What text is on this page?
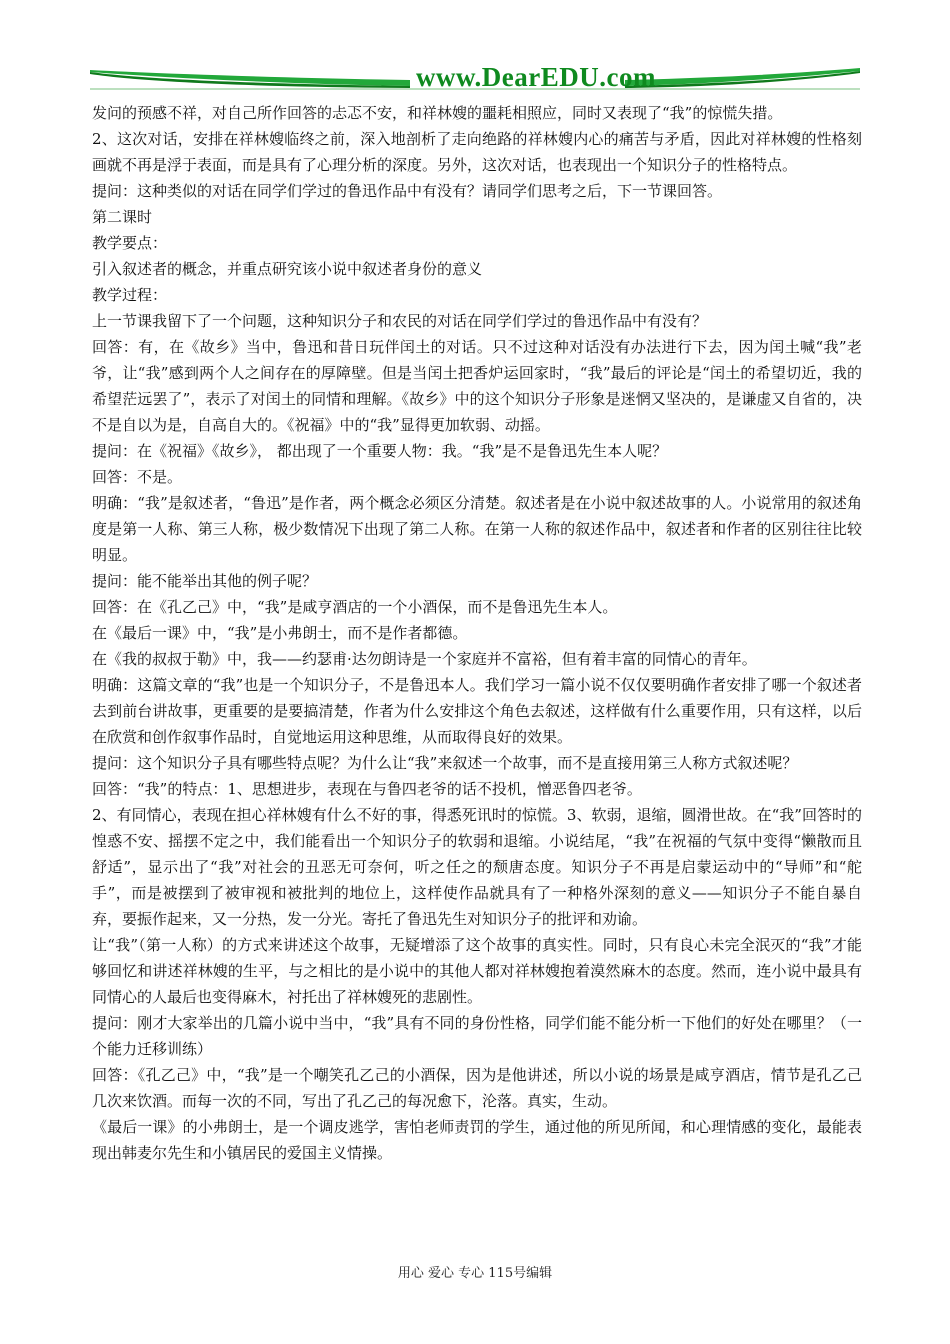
www.DearEDU.com

发问的预感不祥，对自己所作回答的忐忑不安，和祥林嫂的噩耗相照应，同时又表现了“我”的惊慌失措。

2、这次对话，安排在祥林嫂临终之前，深入地剖析了走向绝路的祥林嫂内心的痛苦与矛盾，因此对祥林嫂的性格刻画就不再是浮于表面，而是具有了心理分析的深度。另外，这次对话，也表现出一个知识分子的性格特点。

提问：这种类似的对话在同学们学过的鲁迅作品中有没有？请同学们思考之后，下一节课回答。

第二课时

教学要点：

引入叙述者的概念，并重点研究该小说中叙述者身份的意义

教学过程：

上一节课我留下了一个问题，这种知识分子和农民的对话在同学们学过的鲁迅作品中有没有？

回答：有，在《故乡》当中，鲁迅和昔日玩伴闰土的对话。只不过这种对话没有办法进行下去，因为闰土喊“我”老爷，让“我”感到两个人之间存在的厚障壁。但是当闰土把香炉运回家时，“我”最后的评论是“闰土的希望切近，我的希望茫远罢了”，表示了对闰土的同情和理解。《故乡》中的这个知识分子形象是迷惘又坚决的，是谦虚又自省的，决不是自以为是，自高自大的。《祝福》中的“我”显得更加软弱、动摇。

提问：在《祝福》《故乡》， 都出现了一个重要人物：我。“我”是不是鲁迅先生本人呢？

回答：不是。

明确：“我”是叙述者，“鲁迅”是作者，两个概念必须区分清楚。叙述者是在小说中叙述故事的人。小说常用的叙述角度是第一人称、第三人称，极少数情况下出现了第二人称。在第一人称的叙述作品中，叙述者和作者的区别往往比较明显。

提问：能不能举出其他的例子呢？

回答：在《孔乙己》中，“我”是咸亨酒店的一个小酒保，而不是鲁迅先生本人。

在《最后一课》中，“我”是小弗朗士，而不是作者都德。

在《我的叔叔于勒》中，我——约瑟甫·达勿朗诗是一个家庭并不富裕，但有着丰富的同情心的青年。

明确：这篇文章的“我”也是一个知识分子，不是鲁迅本人。我们学习一篇小说不仅仅要明确作者安排了哪一个叙述者去到前台讲故事，更重要的是要搞清楚，作者为什么安排这个角色去叙述，这样做有什么重要作用，只有这样，以后在欣赏和创作叙事作品时，自觉地运用这种思维，从而取得良好的效果。

提问：这个知识分子具有哪些特点呢？为什么让“我”来叙述一个故事，而不是直接用第三人称方式叙述呢？

回答：“我”的特点：1、思想进步，表现在与鲁四老爷的话不投机，憎恶鲁四老爷。

2、有同情心，表现在担心祥林嫂有什么不好的事，得悉死讯时的惊慌。3、软弱，退缩，圆滑世故。在“我”回答时的惶惑不安、摇摆不定之中，我们能看出一个知识分子的软弱和退缩。小说结尾，“我”在祝福的气氛中变得“懒散而且舒适”，显示出了“我”对社会的丑恶无可奈何，听之任之的颓唐态度。知识分子不再是启蒙运动中的“导师”和“舵手”，而是被摆到了被审视和被批判的地位上，这样使作品就具有了一种格外深刻的意义——知识分子不能自暴自弃，要振作起来，又一分热，发一分光。寄托了鲁迅先生对知识分子的批评和劝谕。

让“我”（第一人称）的方式来讲述这个故事，无疑增添了这个故事的真实性。同时，只有良心未完全泯灭的“我”才能够回忆和讲述祥林嫂的生平，与之相比的是小说中的其他人都对祥林嫂抱着漠然麻木的态度。然而，连小说中最具有同情心的人最后也变得麻木，衬托出了祥林嫂死的悲剧性。

提问：刚才大家举出的几篇小说中当中，“我”具有不同的身份性格，同学们能不能分析一下他们的好处在哪里？（一个能力迁移训练）

回答：《孔乙己》中，“我”是一个嘲笑孔乙己的小酒保，因为是他讲述，所以小说的场景是咸亨酒店，情节是孔乙己几次来饮酒。而每一次的不同，写出了孔乙己的每况愈下，沦落。真实，生动。

《最后一课》的小弗朗士，是一个调皮逃学，害怕老师责罚的学生，通过他的所见所闻，和心理情感的变化，最能表现出韩麦尔先生和小镇居民的爱国主义情操。

用心 爱心 专心 115号编辑
